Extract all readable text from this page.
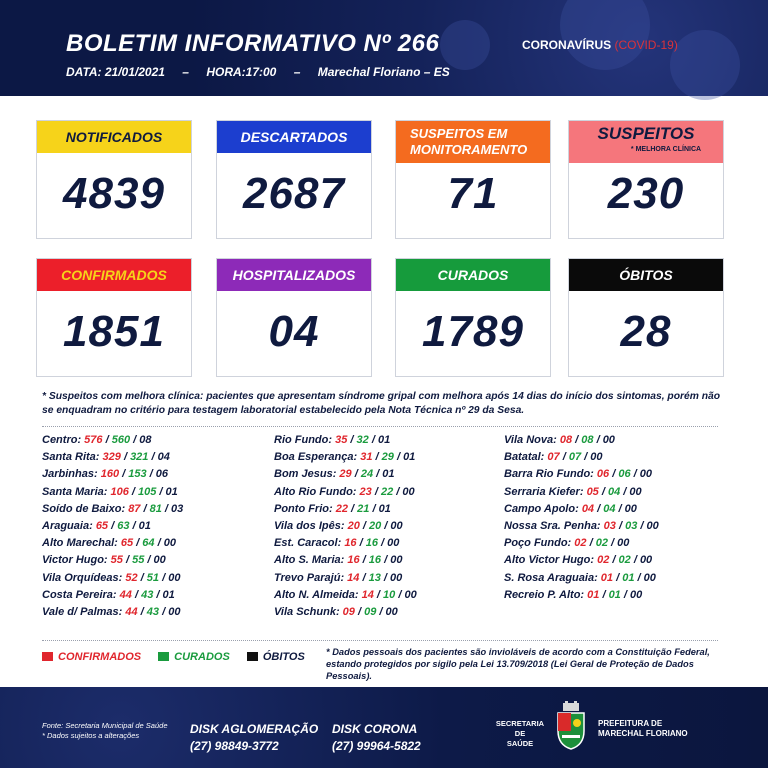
BOLETIM INFORMATIVO Nº 266
DATA: 21/01/2021 – HORA:17:00 – Marechal Floriano – ES
CORONAVÍRUS (COVID-19)
NOTIFICADOS
4839
DESCARTADOS
2687
SUSPEITOS EM MONITORAMENTO
71
SUSPEITOS
* MELHORA CLÍNICA
230
CONFIRMADOS
1851
HOSPITALIZADOS
04
CURADOS
1789
ÓBITOS
28
* Suspeitos com melhora clínica: pacientes que apresentam síndrome gripal com melhora após 14 dias do início dos sintomas, porém não se enquadram no critério para testagem laboratorial estabelecido pela Nota Técnica nº 29 da Sesa.
Centro: 576 / 560 / 08
Santa Rita: 329 / 321 / 04
Jarbinhas: 160 / 153 / 06
Santa Maria: 106 / 105 / 01
Soído de Baixo: 87 / 81 / 03
Araguaia: 65 / 63 / 01
Alto Marechal: 65 / 64 / 00
Victor Hugo: 55 / 55 / 00
Vila Orquídeas: 52 / 51 / 00
Costa Pereira: 44 / 43 / 01
Vale d/ Palmas: 44 / 43 / 00
Rio Fundo: 35 / 32 / 01
Boa Esperança: 31 / 29 / 01
Bom Jesus: 29 / 24 / 01
Alto Rio Fundo: 23 / 22 / 00
Ponto Frio: 22 / 21 / 01
Vila dos Ipês: 20 / 20 / 00
Est. Caracol: 16 / 16 / 00
Alto S. Maria: 16 / 16 / 00
Trevo Parajú: 14 / 13 / 00
Alto N. Almeida: 14 / 10 / 00
Vila Schunk: 09 / 09 / 00
Vila Nova: 08 / 08 / 00
Batatal: 07 / 07 / 00
Barra Rio Fundo: 06 / 06 / 00
Serraria Kiefer: 05 / 04 / 00
Campo Apolo: 04 / 04 / 00
Nossa Sra. Penha: 03 / 03 / 00
Poço Fundo: 02 / 02 / 00
Alto Victor Hugo: 02 / 02 / 00
S. Rosa Araguaia: 01 / 01 / 00
Recreio P. Alto: 01 / 01 / 00
CONFIRMADOS	CURADOS	ÓBITOS	* Dados pessoais dos pacientes são invioláveis de acordo com a Constituição Federal, estando protegidos por sigilo pela Lei 13.709/2018 (Lei Geral de Proteção de Dados Pessoais).
Fonte: Secretaria Municipal de Saúde
* Dados sujeitos a alterações	DISK AGLOMERAÇÃO
(27) 98849-3772
DISK CORONA
(27) 99964-5822
SECRETARIA
DE
SAÚDE
PREFEITURA DE
MARECHAL FLORIANO
